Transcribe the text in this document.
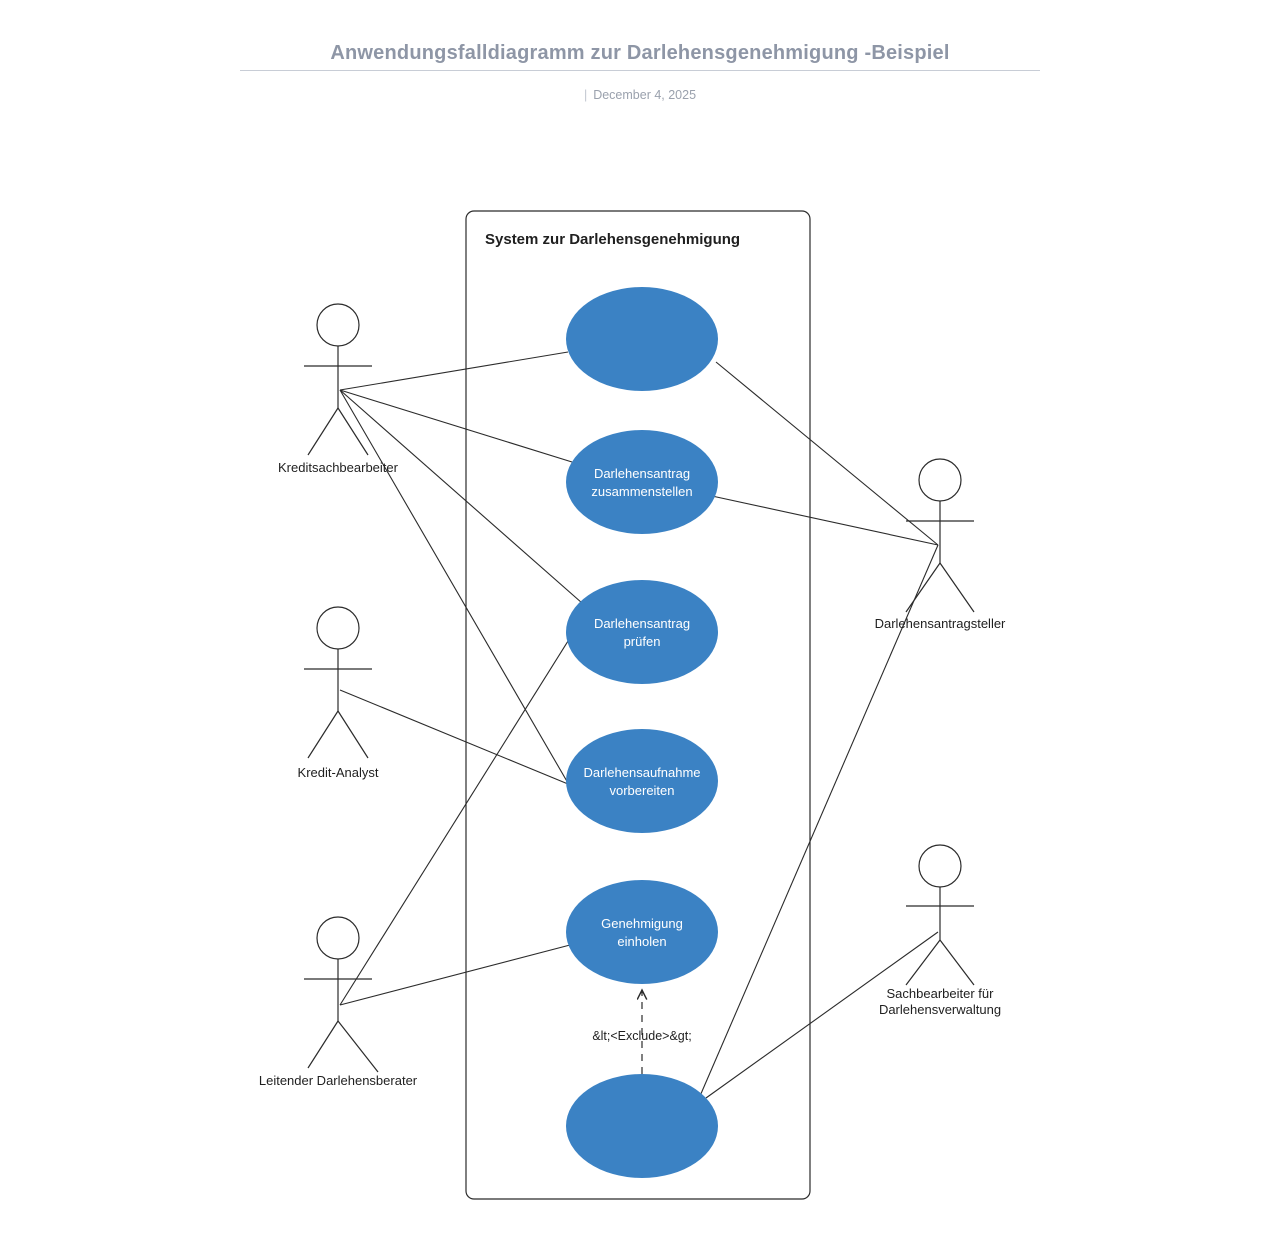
Anwendungsfalldiagramm zur Darlehensgenehmigung -Beispiel
| December 4, 2025
System zur Darlehensgenehmigung
Darlehensantrag
zusammenstellen
Darlehensantrag
prüfen
Darlehensaufnahme
vorbereiten
Genehmigung
einholen
&lt;<Exclude>&gt;
Kreditsachbearbeiter
Kredit-Analyst
Leitender Darlehensberater
Darlehensantragsteller
Sachbearbeiter für
Darlehensverwaltung
